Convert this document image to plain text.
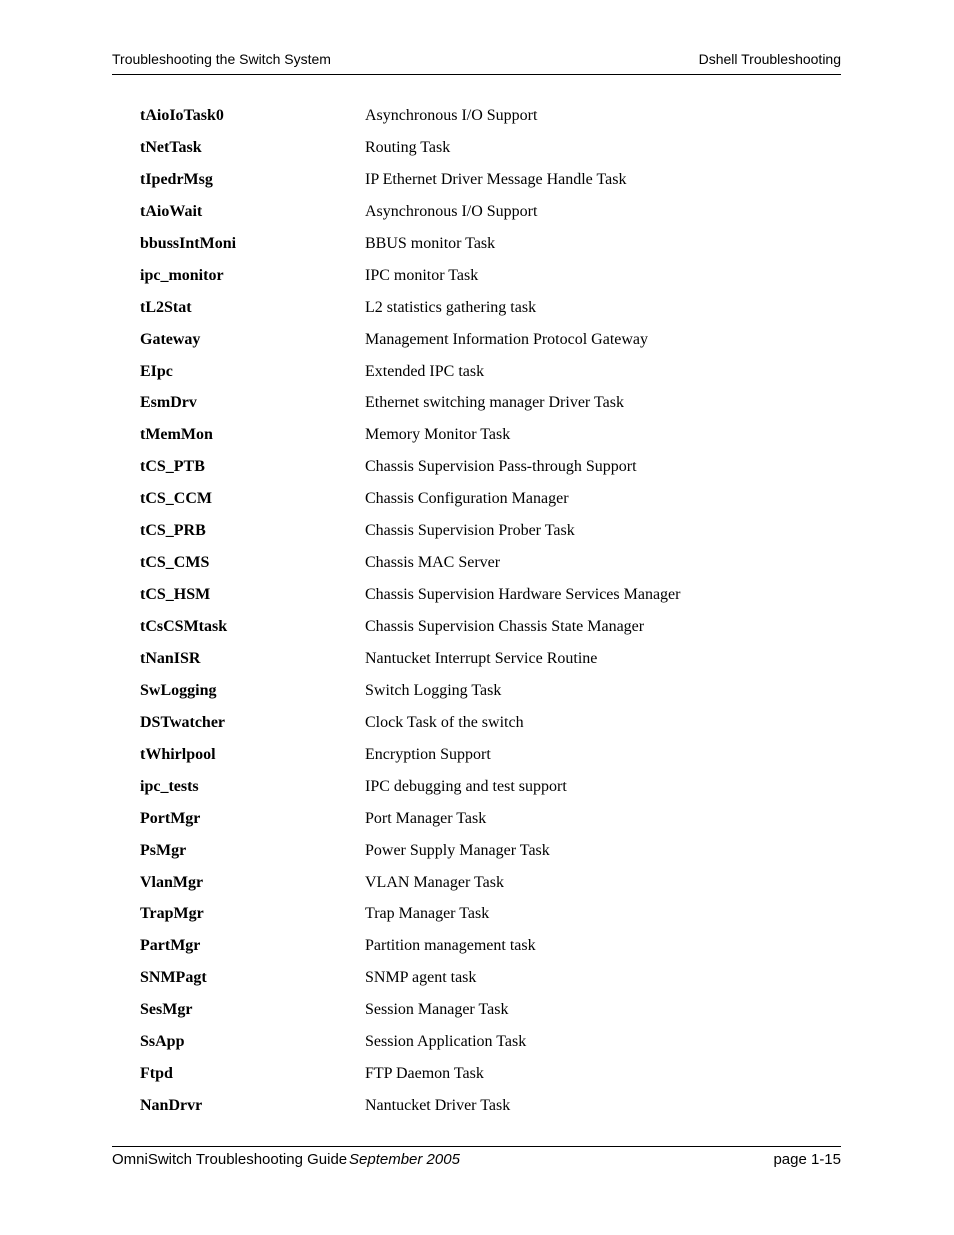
Troubleshooting the Switch System	Dshell Troubleshooting
tAioIoTask0	Asynchronous I/O Support
tNetTask	Routing Task
tIpedrMsg	IP Ethernet Driver Message Handle Task
tAioWait	Asynchronous I/O Support
bbussIntMoni	BBUS monitor Task
ipc_monitor	IPC monitor Task
tL2Stat	L2 statistics gathering task
Gateway	Management Information Protocol Gateway
EIpc	Extended IPC task
EsmDrv	Ethernet switching manager Driver Task
tMemMon	Memory Monitor Task
tCS_PTB	Chassis Supervision Pass-through Support
tCS_CCM	Chassis Configuration Manager
tCS_PRB	Chassis Supervision Prober Task
tCS_CMS	Chassis MAC Server
tCS_HSM	Chassis Supervision Hardware Services Manager
tCsCSMtask	Chassis Supervision Chassis State Manager
tNanISR	Nantucket Interrupt Service Routine
SwLogging	Switch Logging Task
DSTwatcher	Clock Task of the switch
tWhirlpool	Encryption Support
ipc_tests	IPC debugging and test support
PortMgr	Port Manager Task
PsMgr	Power Supply Manager Task
VlanMgr	VLAN Manager Task
TrapMgr	Trap Manager Task
PartMgr	Partition management task
SNMPagt	SNMP agent task
SesMgr	Session Manager Task
SsApp	Session Application Task
Ftpd	FTP Daemon Task
NanDrvr	Nantucket Driver Task
OmniSwitch Troubleshooting Guide September 2005	page 1-15
